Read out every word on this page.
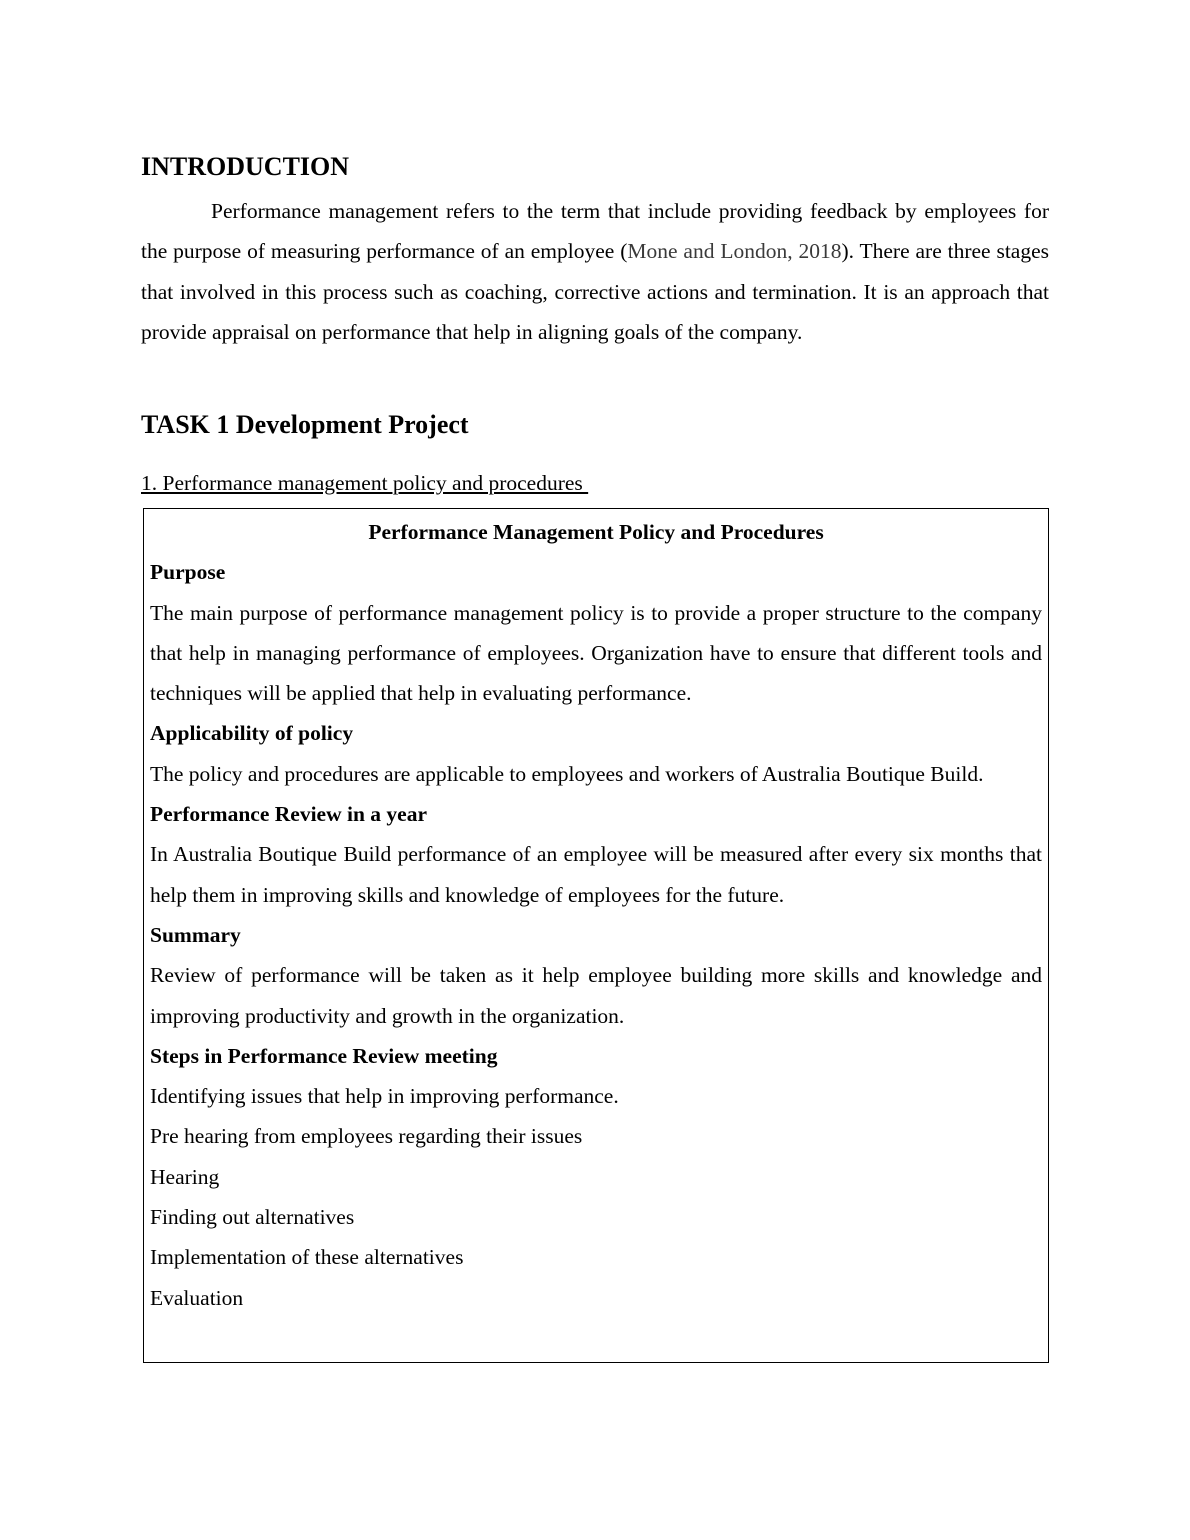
INTRODUCTION

Performance management refers to the term that include providing feedback by employees for the purpose of measuring performance of an employee (Mone and London, 2018). There are three stages that involved in this process such as coaching, corrective actions and termination. It is an approach that provide appraisal on performance that help in aligning goals of the company.

TASK 1 Development Project
1. Performance management policy and procedures

Performance Management Policy and Procedures

Purpose

The main purpose of performance management policy is to provide a proper structure to the company that help in managing performance of employees. Organization have to ensure that different tools and techniques will be applied that help in evaluating performance.

Applicability of policy

The policy and procedures are applicable to employees and workers of Australia Boutique Build.

Performance Review in a year

In Australia Boutique Build performance of an employee will be measured after every six months that help them in improving skills and knowledge of employees for the future.

Summary

Review of performance will be taken as it help employee building more skills and knowledge and improving productivity and growth in the organization.

Steps in Performance Review meeting

Identifying issues that help in improving performance.

Pre hearing from employees regarding their issues

Hearing

Finding out alternatives

Implementation of these alternatives

Evaluation
